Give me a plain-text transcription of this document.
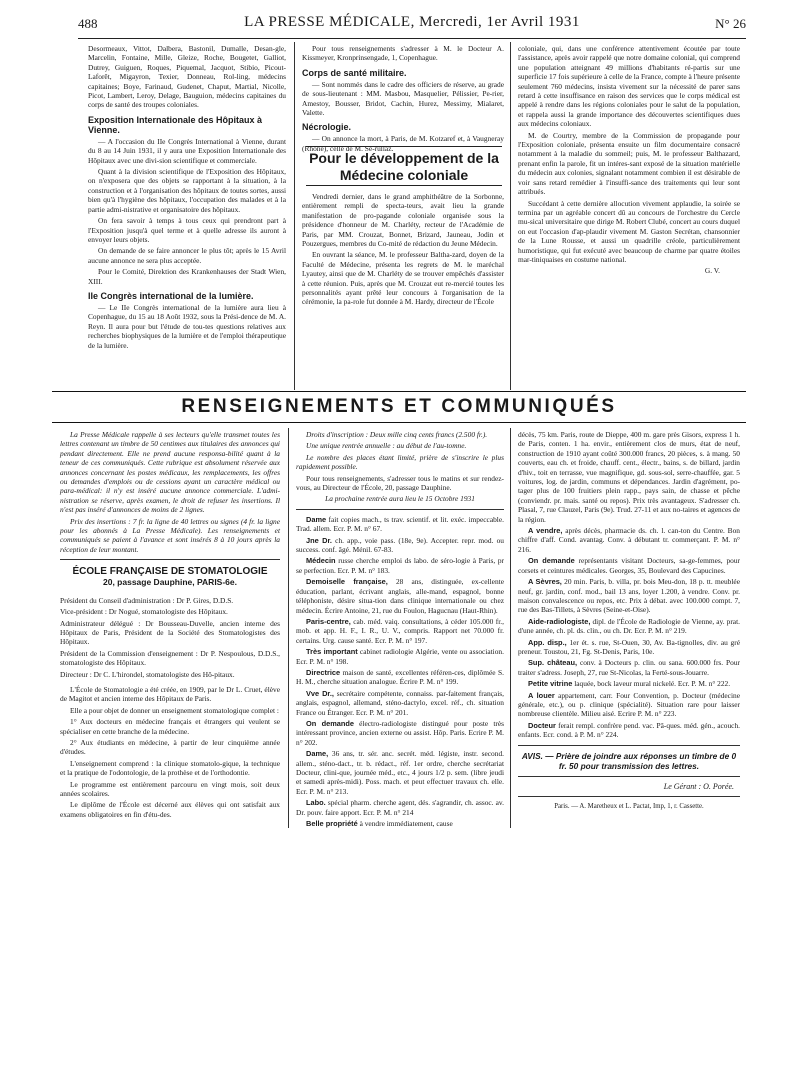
488	LA PRESSE MÉDICALE, Mercredi, 1er Avril 1931	N° 26

Desormeaux, Vittot, Dalbera, Bastonil, Dumalle, Desan-gle, Marcelin, Fontaine, Mille, Gleize, Roche, Bougetet, Galliot, Dutrey, Guiguen, Roques, Piquemal, Jacquot, Stibio, Picout-Laforêt, Migayron, Texier, Donneau, Rol-ling, médecins capitaines; Boye, Farinaud, Gudenet, Chaput, Martial, Nicolle, Picot, Lambert, Leroy, Delage, Bauguion, médecins capitaines du corps de santé des troupes coloniales.

Exposition Internationale des Hôpitaux à Vienne.

— A l'occasion du IIe Congrès International à Vienne, durant du 8 au 14 Juin 1931, il y aura une Exposition Internationale des Hôpitaux avec une divi-sion scientifique et commerciale.

Quant à la division scientifique de l'Exposition des Hôpitaux, on n'exposera que des objets se rapportant à la situation, à la construction et à l'organisation des hôpitaux de toutes sortes, aussi bien qu'à l'hygiène des hôpitaux, l'occupation des malades et à la partie admi-nistrative et organisatoire des hôpitaux.

On fera savoir à temps à tous ceux qui prendront part à l'Exposition jusqu'à quel terme et à quelle adresse ils auront à envoyer leurs objets.

On demande de se faire annoncer le plus tôt; après le 15 Avril aucune annonce ne sera plus acceptée.

Pour le Comité, Direktion des Krankenhauses der Stadt Wien, XIII.

IIe Congrès international de la lumière.

— Le IIe Congrès international de la lumière aura lieu à Copenhague, du 15 au 18 Août 1932, sous la Prési-dence de M. A. Reyn. Il aura pour but l'étude de tou-tes questions relatives aux recherches biophysiques de la lumière et de l'emploi thérapeutique de la lumière.

Pour tous renseignements s'adresser à M. le Docteur A. Kissmeyer, Kronprinsengade, 1, Copenhague.

Corps de santé militaire.

— Sont nommés dans le cadre des officiers de réserve, au grade de sous-lieutenant : MM. Masbou, Masquelier, Pélissier, Pe-rier, Amestoy, Bousser, Bridot, Cachin, Hurez, Messimy, Mialaret, Valette.

Nécrologie.

— On annonce la mort, à Paris, de M. Kotzaref et, à Vaugneray (Rhône), celle de M. Se-rullaz.

Pour le développement de la Médecine coloniale

Vendredi dernier, dans le grand amphithéâtre de la Sorbonne, entièrement rempli de specta-teurs, avait lieu la grande manifestation de pro-pagande coloniale organisée sous la présidence d'honneur de M. Charléty, recteur de l'Académie de Paris, par MM. Crouzat, Bonnet, Brizard, Jauneau, Jodin et Pouzergues, membres du Co-mité de rédaction du Jeune Médecin.

En ouvrant la séance, M. le professeur Baltha-zard, doyen de la Faculté de Médecine, présenta les regrets de M. le maréchal Lyautey, ainsi que de M. Charléty de se trouver empêchés d'assister à cette réunion. Puis, après que M. Crouzat eut re-mercié toutes les personnalités ayant prêté leur concours à l'organisation de la cérémonie, la pa-role fut donnée à M. Hardy, directeur de l'École

coloniale, qui, dans une conférence attentivement écoutée par toute l'assistance, après avoir rappelé que notre domaine colonial, qui comprend une population atteignant 49 millions d'habitants ré-partis sur une superficie 17 fois supérieure à celle de la France, compte à l'heure présente seulement 760 médecins, insista vivement sur la nécessité de parer sans retard à cette insuffisance en raison des services que le corps médical est appelé à rendre dans les régions coloniales pour le salut de la population, et rappela aussi la grande importance des découvertes scientifiques dues aux médecins coloniaux.

M. de Courtry, membre de la Commission de propagande pour l'Exposition coloniale, présenta ensuite un film documentaire consacré notamment à la maladie du sommeil; puis, M. le professeur Balthazard, prenant enfin la parole, fit un intéres-sant exposé de la situation matérielle du médecin aux colonies, signalant notamment combien il est désirable de voir sans retard remédier à l'insuffi-sance des traitements qui leur sont attribués.

Succédant à cette dernière allocution vivement applaudie, la soirée se termina par un agréable concert dû au concours de l'orchestre du Cercle mu-sical universitaire que dirige M. Robert Clubé, concert au cours duquel on eut l'occasion d'ap-plaudir vivement M. Gaston Secrétan, chansonnier de la Lune Rousse, et aussi un quadrille créole, particulièrement humoristique, qui fut exécuté avec beaucoup de charme par quatre étoiles mar-tiniquaises en costume national.

G. V.

RENSEIGNEMENTS ET COMMUNIQUÉS

La Presse Médicale rappelle à ses lecteurs qu'elle transmet toutes les lettres contenant un timbre de 50 centimes aux titulaires des annonces qui pendant directement. Elle ne prend aucune responsa-bilité quant à la teneur de ces communiqués. Cette rubrique est absolument réservée aux annonces concernant les postes médicaux, les remplacements, les offres ou demandes d'emplois ou de cessions ayant un caractère médical ou para-médical: il n'y est inséré aucune annonce commerciale. L'admi-nistration se réserve, après examen, le droit de refuser les insertions. Il n'est pas inséré d'annonces de moins de 2 lignes.

Prix des insertions : 7 fr. la ligne de 40 lettres ou signes (4 fr. la ligne pour les abonnés à La Presse Médicale). Les renseignements et communiqués se paient à l'avance et sont insérés 8 à 10 jours après la réception de leur montant.

ÉCOLE FRANÇAISE DE STOMATOLOGIE
20, passage Dauphine, PARIS-6e.

Président du Conseil d'administration : Dr P. Gires, D.D.S.

Vice-président : Dr Nogué, stomatologiste des Hôpitaux.

Administrateur délégué : Dr Bousseau-Duvelle, ancien interne des Hôpitaux de Paris, Président de la Société des Stomatologistes des Hôpitaux.

Président de la Commission d'enseignement : Dr P. Nespoulous, D.D.S., stomatologiste des Hôpitaux.

Directeur : Dr C. L'hirondel, stomatologiste des Hô-pitaux.

L'École de Stomatologie a été créée, en 1909, par le Dr L. Cruet, élève de Magitot et ancien interne des Hôpitaux de Paris.

Elle a pour objet de donner un enseignement stomatologique complet :

1° Aux docteurs en médecine français et étrangers qui veulent se spécialiser en cette branche de la médecine.

2° Aux étudiants en médecine, à partir de leur cinquième année d'études.

L'enseignement comprend : la clinique stomatolo-gique, la technique et la pratique de l'odontologie, de la prothèse et de l'orthodontie.

Le programme est entièrement parcouru en vingt mois, soit deux années scolaires.

Le diplôme de l'École est décerné aux élèves qui ont satisfait aux examens obligatoires en fin d'étu-des.

Droits d'inscription : Deux mille cinq cents francs (2.500 fr.).

Une unique rentrée annuelle : au début de l'au-tomne.

Le nombre des places étant limité, prière de s'inscrire le plus rapidement possible.

Pour tous renseignements, s'adresser tous le matins et sur rendez-vous, au Directeur de l'École, 20, passage Dauphine.

La prochaine rentrée aura lieu le 15 Octobre 1931

Dame fait copies mach., ts trav. scientif. et lit. exéc. impeccable. Trad. allem. Ecr. P. M. n° 67.

Jne Dr. ch. app., voie pass. (18e, 9e). Accepter. repr. mod. ou success. conf. âgé. Ménil. 67-83.

Médecin russe cherche emploi ds labo. de séro-logie à Paris, pr se perfection. Ecr. P. M. n° 183.

Demoiselle française, 28 ans, distinguée, ex-cellente éducation, parlant, écrivant anglais, alle-mand, espagnol, bonne téléphoniste, désire situa-tion dans clinique internationale ou chez médecin. Écrire Antoine, 21, rue du Foulon, Hagucnau (Haut-Rhin).

Paris-centre, cab. méd. vaiq. consultations, à céder 105.000 fr., mob. et app. H. F., I. R., U. V., compris. Rapport net 70.000 fr. certains. Urg. cause santé. Ecr. P. M. n° 197.

Très important cabinet radiologie Algérie, vente ou association. Ecr. P. M. n° 198.

Directrice maison de santé, excellentes référen-ces, diplômée S. H. M., cherche situation analogue. Écrire P. M. n° 199.

Vve Dr., secrétaire compétente, connaiss. par-faitement français, anglais, espagnol, allemand, sténo-dactylo, excel. réf., ch. situation France ou Étranger. Ecr. P. M. n° 201.

On demande électro-radiologiste distingué pour poste très intéressant province, ancien externe ou assist. Hôp. Paris. Ecrire P. M. n° 202.

Dame, 36 ans, tr. sér. anc. secrét. méd. légiste, instr. second. allem., sténo-dact., tr. b. rédact., réf. 1er ordre, cherche secrétariat Docteur, clini-que, journée méd., etc., 4 jours 1/2 p. sem. (libre jeudi et samedi après-midi). Poss. mach. et peut effectuer travaux ch. elle. Ecr. P. M. n° 213.

Labo. spécial pharm. cherche agent, dés. s'agrandir, ch. assoc. av. Dr. pouv. faire apport. Ecr. P. M. n° 214

Belle propriété à vendre immédiatement, cause

décès, 75 km. Paris, route de Dieppe, 400 m. gare près Gisors, express 1 h. de Paris, conten. 1 ha. envir., entièrement clos de murs, état de neuf, construction de 1910 ayant coûté 300.000 francs, 20 pièces, s. à mang. 50 couverts, eau ch. et froide, chauff. cent., électr., bains, s. de billard, jardin d'hiv., toit en terrasse, vue magnifique, gd. sous-sol, serre-chauffée, gar. 5 voitures, log. de jardin, communs et dépendances. Jardin d'agrément, po-tager plus de 100 fruitiers plein rapp., pays sain, de chasse et pêche (conviendr. pr. mais. santé ou repos). Prix très avantageux. S'adresser ch. Plasal, 7, rue Clauzel, Paris (9e). Trud. 27-11 et aux no-taires et agences de la région.

A vendre, après décès, pharmacie ds. ch. l. can-ton du Centre. Bon chiffre d'aff. Cond. avantag. Conv. à débutant tr. commerçant. P. M. n° 216.

On demande représentants visitant Docteurs, sa-ge-femmes, pour corsets et ceintures médicales. Georges, 35, Boulevard des Capucines.

A Sèvres, 20 min. Paris, b. villa, pr. bois Meu-don, 18 p. tt. meublée neuf, gr. jardin, conf. mod., bail 13 ans, loyer 1.200, à vendre. Conv. pr. maison convalescence ou repos, etc. Prix à débat. avec 100.000 compt. 7, rue des Bas-Tillets, à Sèvres (Seine-et-Oise).

Aide-radiologiste, dipl. de l'École de Radiologie de Vienne, ay. prat. d'une année, ch. pl. ds. clin., ou ch. Dr. Ecr. P. M. n° 219.

App. disp., 1er ét. s. rue, St-Ouen, 30, Av. Ba-tignolles, div. au gré preneur. Toustou, 21, Fg. St-Denis, Paris, 10e.

Sup. château, conv. à Docteurs p. clin. ou sana. 600.000 frs. Pour traiter s'adress. Joseph, 27, rue St-Nicolas, la Ferté-sous-Jouarre.

Petite vitrine laquée, bock laveur mural nickelé. Ecr. P. M. n° 222.

A louer appartement, carr. Four Convention, p. Docteur (médecine générale, etc.), ou p. clinique (spécialité). Situation rare pour laisser nombreuse clientèle. Milieu aisé. Ecrire P. M. n° 223.

Docteur ferait rempl. confrère pend. vac. Pâ-ques. méd. gén., acouch. enfants. Ecr. cond. à P. M. n° 224.

AVIS. — Prière de joindre aux réponses un timbre de 0 fr. 50 pour transmission des lettres.
Le Gérant : O. Porée.
Paris. — A. Maretheux et L. Pactat, Imp, 1, r. Cassette.
